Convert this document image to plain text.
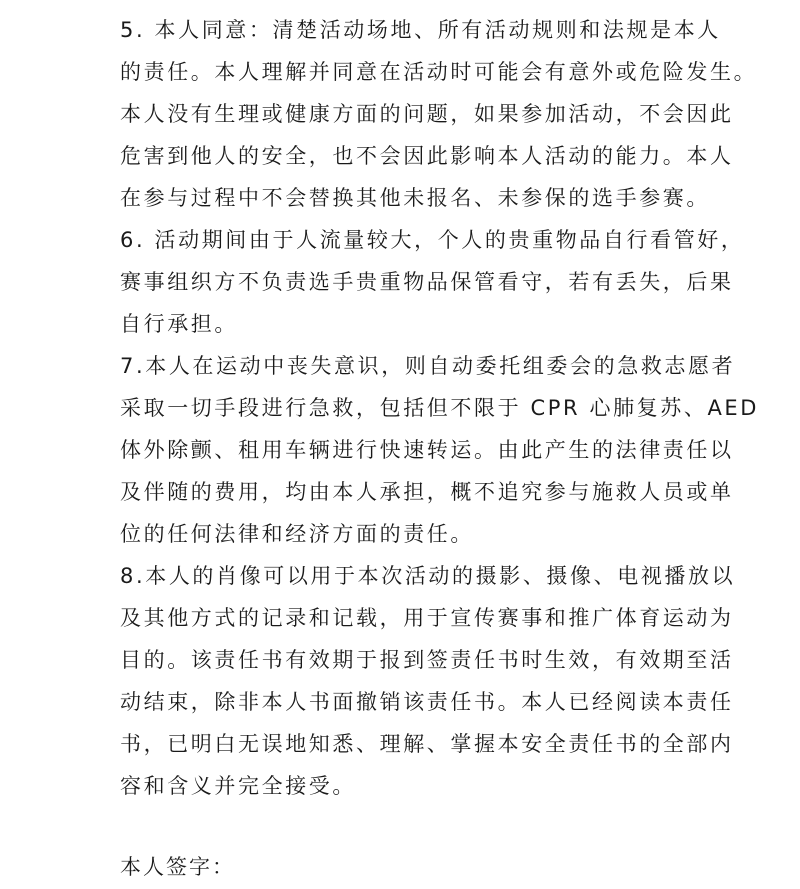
5. 本人同意：清楚活动场地、所有活动规则和法规是本人
的责任。本人理解并同意在活动时可能会有意外或危险发生。
本人没有生理或健康方面的问题，如果参加活动，不会因此
危害到他人的安全，也不会因此影响本人活动的能力。本人
在参与过程中不会替换其他未报名、未参保的选手参赛。
6. 活动期间由于人流量较大，个人的贵重物品自行看管好，
赛事组织方不负责选手贵重物品保管看守，若有丢失，后果
自行承担。
7.本人在运动中丧失意识，则自动委托组委会的急救志愿者
采取一切手段进行急救，包括但不限于 CPR 心肺复苏、AED
体外除颤、租用车辆进行快速转运。由此产生的法律责任以
及伴随的费用，均由本人承担，概不追究参与施救人员或单
位的任何法律和经济方面的责任。
8.本人的肖像可以用于本次活动的摄影、摄像、电视播放以
及其他方式的记录和记载，用于宣传赛事和推广体育运动为
目的。该责任书有效期于报到签责任书时生效，有效期至活
动结束，除非本人书面撤销该责任书。本人已经阅读本责任
书，已明白无误地知悉、理解、掌握本安全责任书的全部内
容和含义并完全接受。
本人签字：
